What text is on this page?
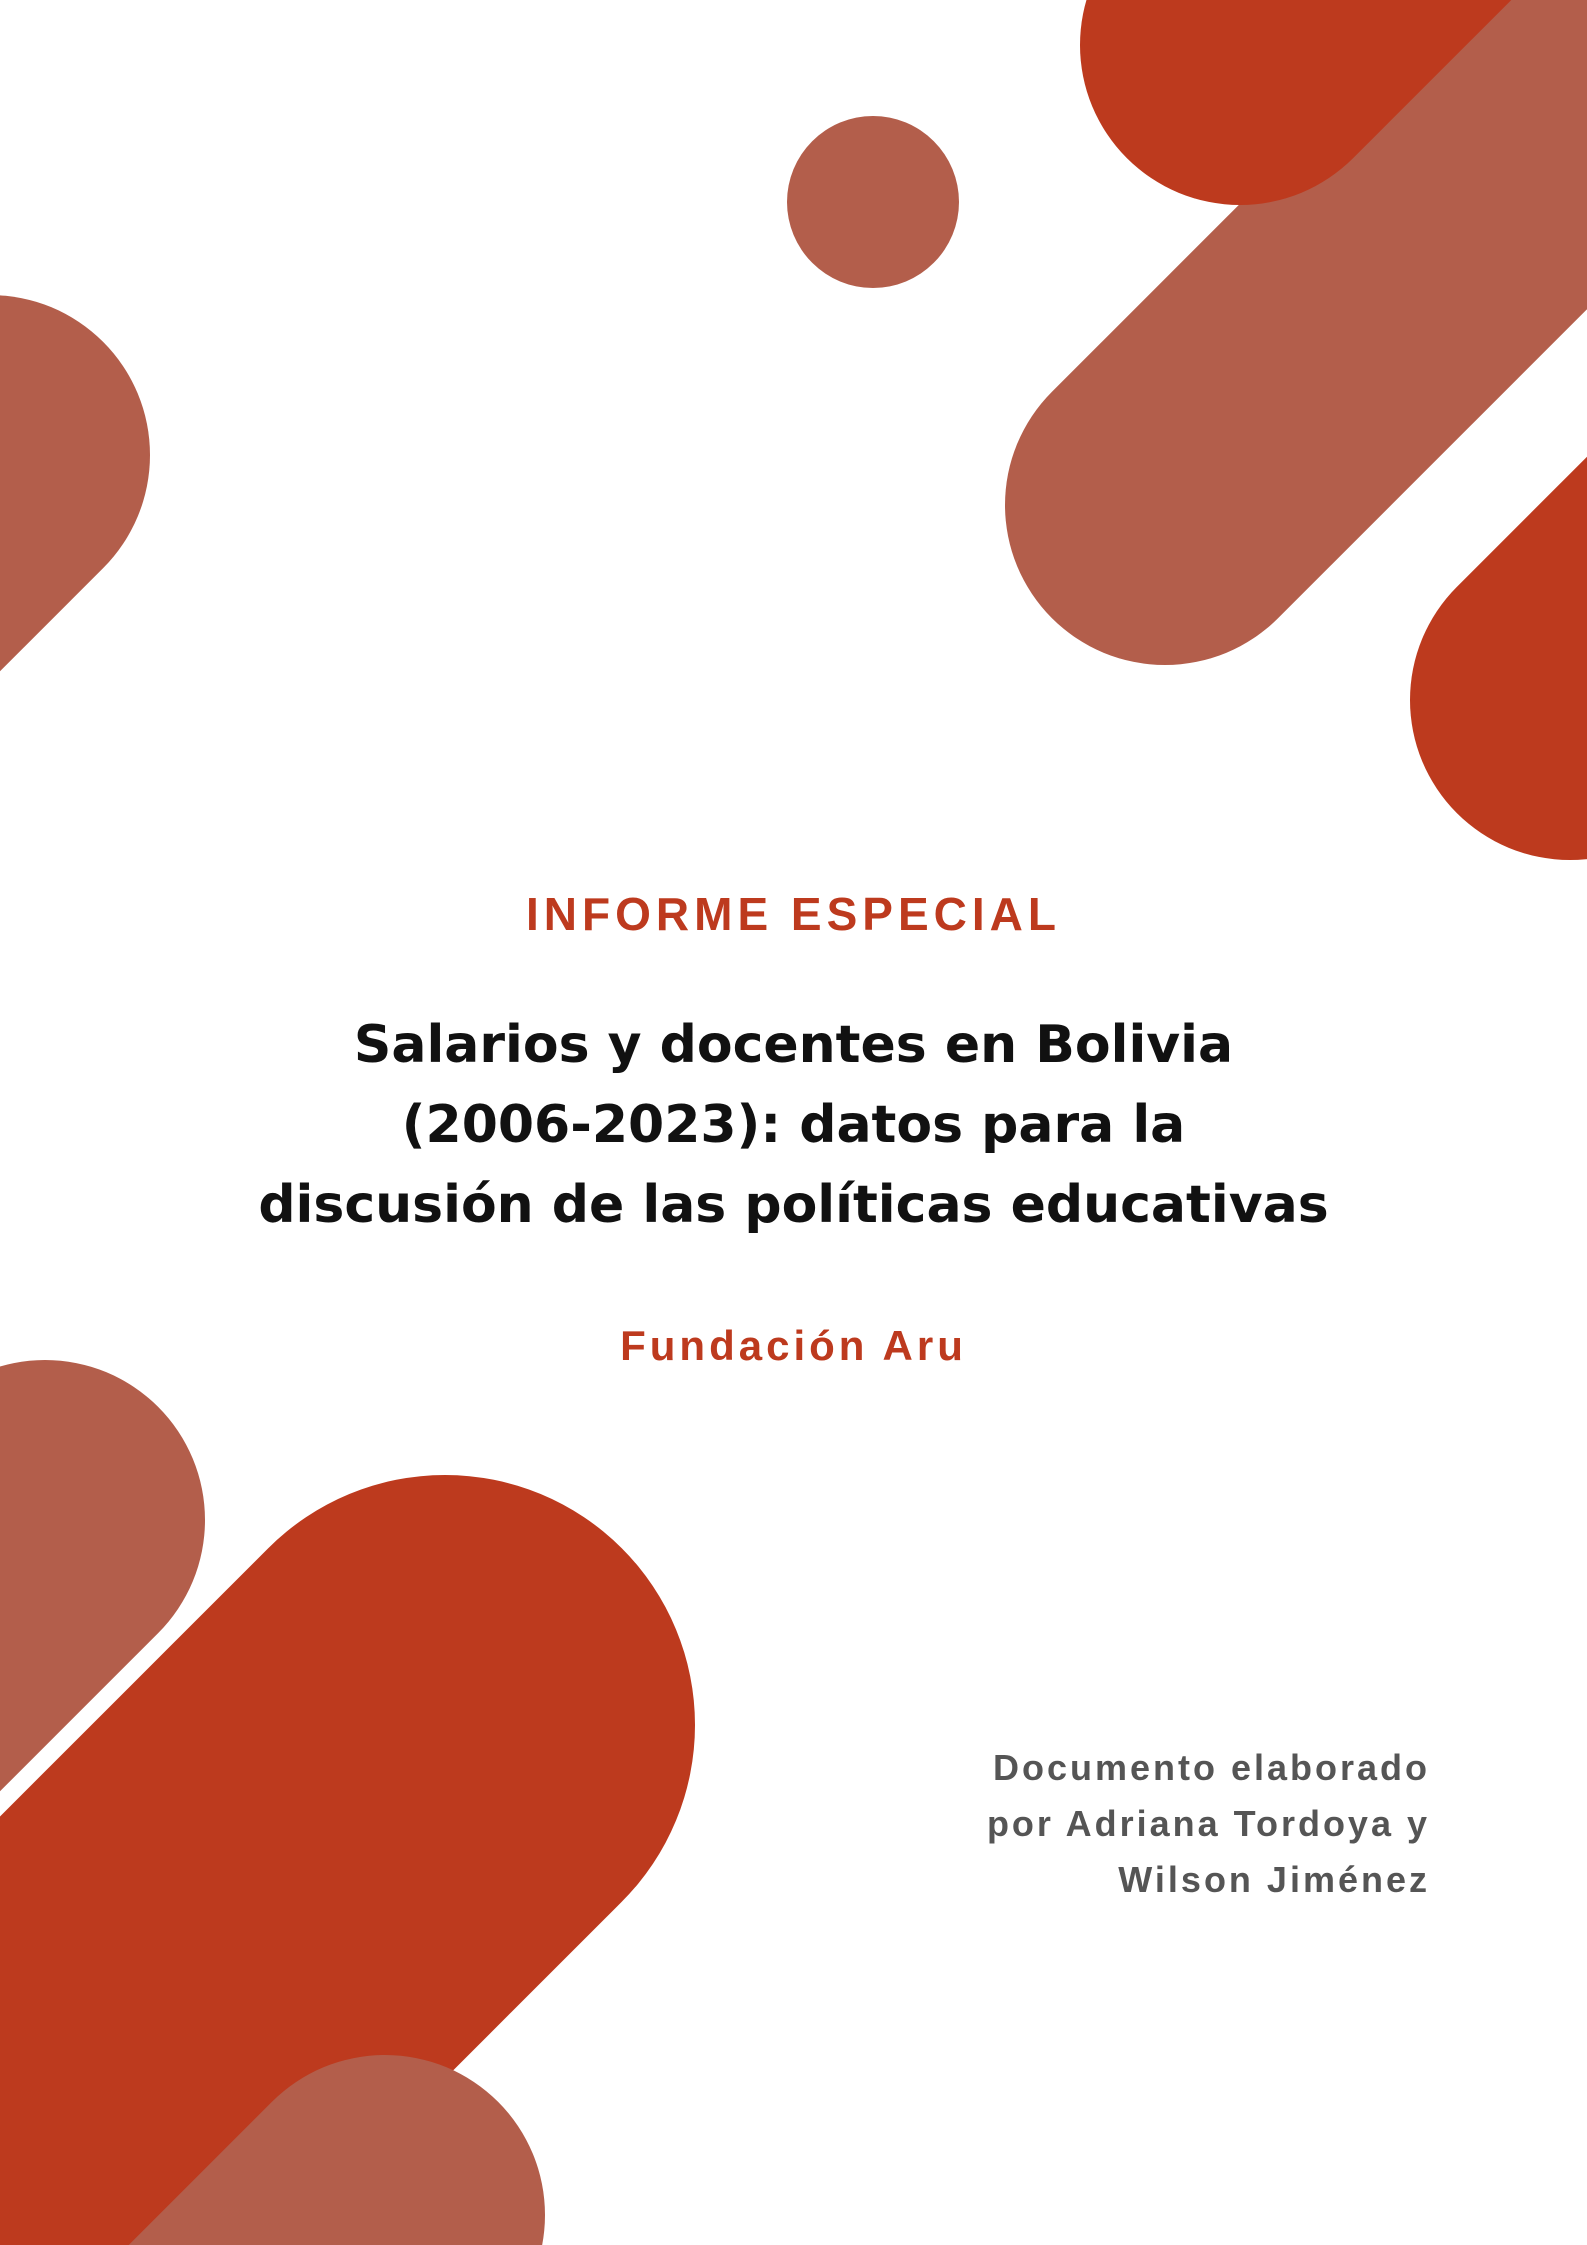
INFORME ESPECIAL
Salarios y docentes en Bolivia
(2006-2023): datos para la
discusión de las políticas educativas
Fundación Aru

Documento elaborado
por Adriana Tordoya y
Wilson Jiménez
